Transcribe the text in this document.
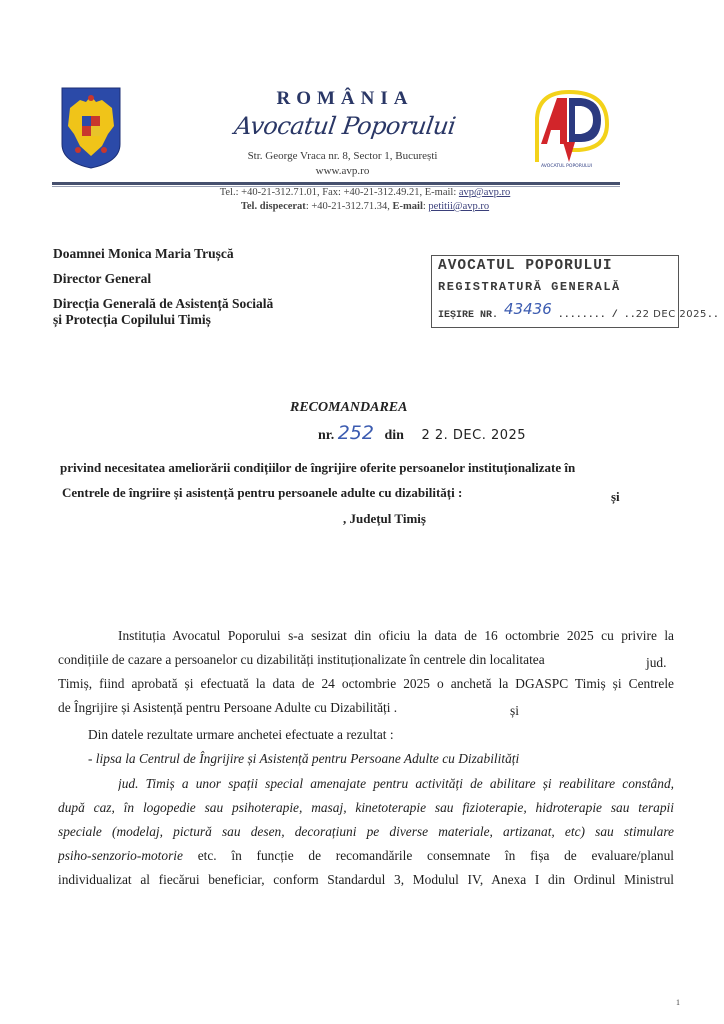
ROMÂNIA
Avocatul Poporului
Str. George Vraca nr. 8, Sector 1, București
www.avp.ro	AVOCATUL POPORULUI
Tel.: +40-21-312.71.01, Fax: +40-21-312.49.21, E-mail: avp@avp.ro
Tel. dispecerat: +40-21-312.71.34, E-mail: petitii@avp.ro
Doamnei Monica Maria Trușcă
Director General
Direcția Generală de Asistență Socială
și Protecția Copilului Timiș
AVOCATUL POPORULUI
REGISTRATURĂ GENERALĂ
IEȘIRE NR. 43436 ........ / ..22 DEC 2025..
RECOMANDAREA
nr. 252 din 2 2. DEC. 2025
privind necesitatea ameliorării condițiilor de îngrijire oferite persoanelor instituționalizate în
Centrele de îngriire și asistență pentru persoanele adulte cu dizabilități :	și
, Județul Timiș
Instituția Avocatul Poporului s-a sesizat din oficiu la data de 16 octombrie 2025 cu privire la
condițiile de cazare a persoanelor cu dizabilități instituționalizate în centrele din localitatea	jud.
Timiș, fiind aprobată și efectuată la data de 24 octombrie 2025 o anchetă la DGASPC Timiș și Centrele
de Îngrijire și Asistență pentru Persoane Adulte cu Dizabilități .	și
Din datele rezultate urmare anchetei efectuate a rezultat :
- lipsa la Centrul de Îngrijire și Asistență pentru Persoane Adulte cu Dizabilități
jud. Timiș a unor spații special amenajate pentru activități de abilitare și reabilitare constând,
după caz, în logopedie sau psihoterapie, masaj, kinetoterapie sau fizioterapie, hidroterapie sau terapii
speciale (modelaj, pictură sau desen, decorațiuni pe diverse materiale, artizanat, etc) sau stimulare
psiho-senzorio-motorie etc. în funcție de recomandările consemnate în fișa de evaluare/planul
individualizat al fiecărui beneficiar, conform Standardul 3, Modulul IV, Anexa I din Ordinul Ministrul
1
